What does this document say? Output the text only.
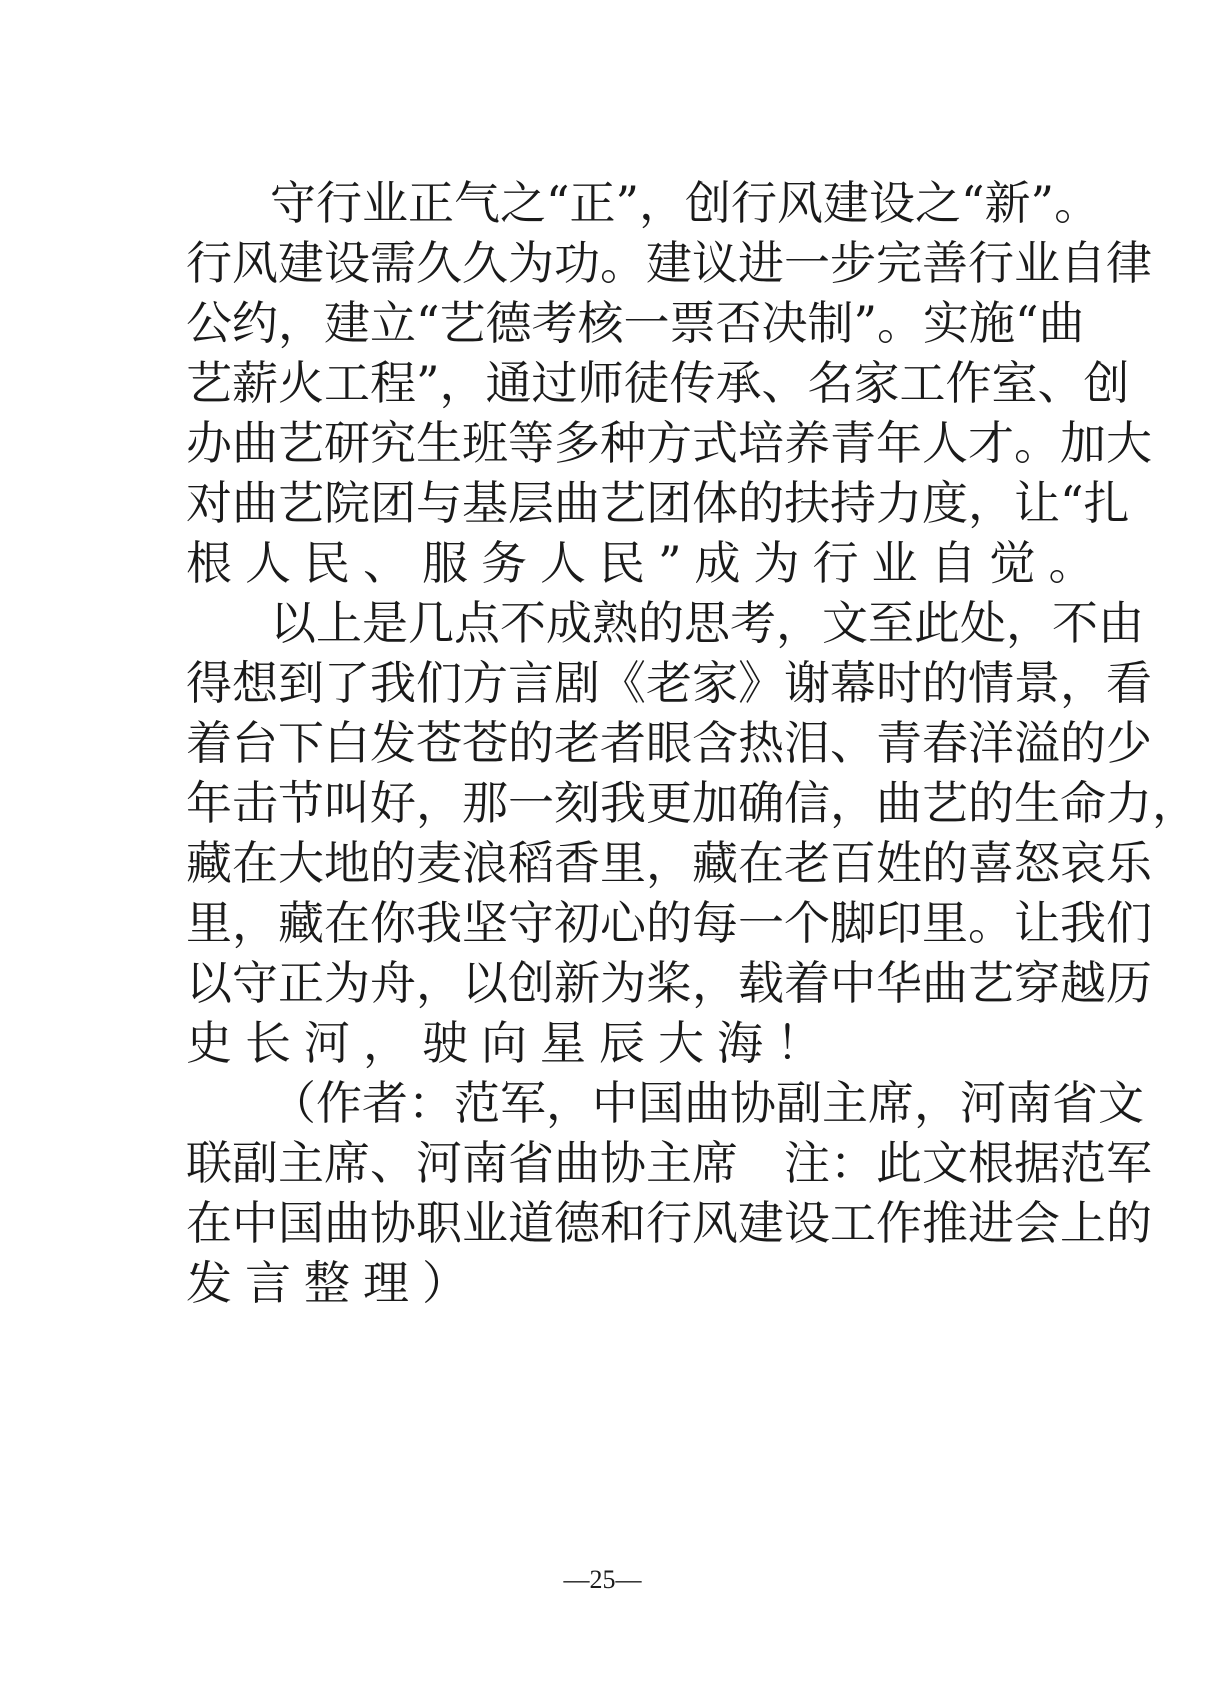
守行业正气之“正”，创行风建设之“新”。
行风建设需久久为功。建议进一步完善行业自律
公约，建立“艺德考核一票否决制”。实施“曲
艺薪火工程”，通过师徒传承、名家工作室、创
办曲艺研究生班等多种方式培养青年人才。加大
对曲艺院团与基层曲艺团体的扶持力度，让“扎
根人民、服务人民”成为行业自觉。
以上是几点不成熟的思考，文至此处，不由
得想到了我们方言剧《老家》谢幕时的情景，看
着台下白发苍苍的老者眼含热泪、青春洋溢的少
年击节叫好，那一刻我更加确信，曲艺的生命力，
藏在大地的麦浪稻香里，藏在老百姓的喜怒哀乐
里，藏在你我坚守初心的每一个脚印里。让我们
以守正为舟，以创新为桨，载着中华曲艺穿越历
史长河，驶向星辰大海！
（作者：范军，中国曲协副主席，河南省文
联副主席、河南省曲协主席　注：此文根据范军
在中国曲协职业道德和行风建设工作推进会上的
发言整理）
—25—
